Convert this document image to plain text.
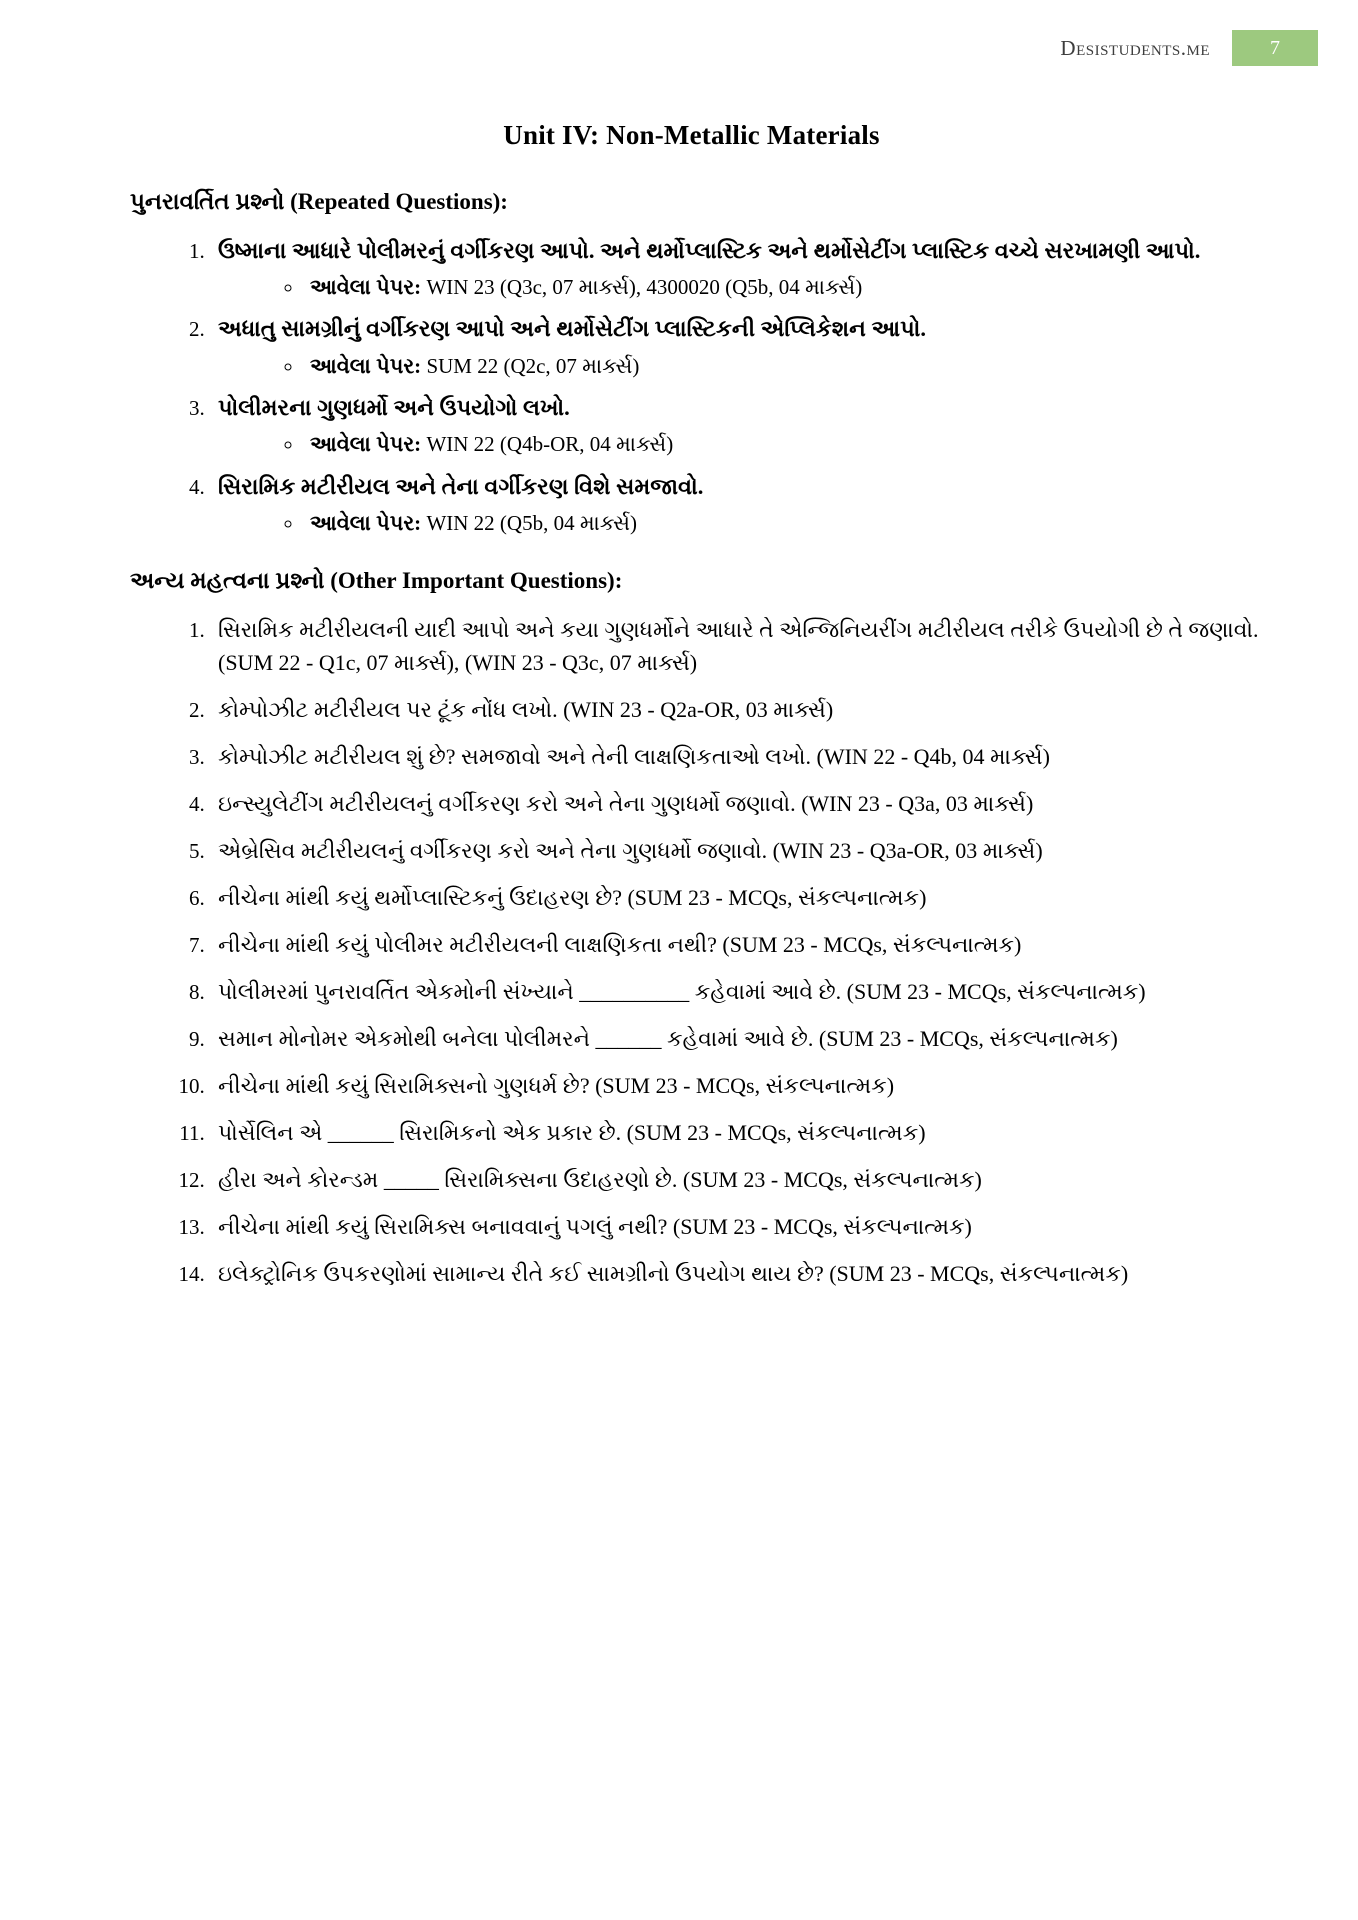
Desistudents.me	7
Unit IV: Non-Metallic Materials
પુનરાવર્તિત પ્રશ્નો (Repeated Questions):
1. ઉષ્માના આધારે પોલીમરનું વર્ગીકરણ આપો. અને થર્મોપ્લાસ્ટિક અને થર્મોસેટીંગ પ્લાસ્ટિક વચ્ચે સરખામણી આપો.
◦ આવેલા પેપર: WIN 23 (Q3c, 07 માર્ક્સ), 4300020 (Q5b, 04 માર્ક્સ)
2. અધાતુ સામગ્રીનું વર્ગીકરણ આપો અને થર્મોસેટીંગ પ્લાસ્ટિકની એપ્લિકેશન આપો.
◦ આવેલા પેપર: SUM 22 (Q2c, 07 માર્ક્સ)
3. પોલીમરના ગુણધર્મો અને ઉપયોગો લખો.
◦ આવેલા પેપર: WIN 22 (Q4b-OR, 04 માર્ક્સ)
4. સિરામિક મટીરીયલ અને તેના વર્ગીકરણ વિશે સમજાવો.
◦ આવેલા પેપર: WIN 22 (Q5b, 04 માર્ક્સ)
અન્ય મહત્વના પ્રશ્નો (Other Important Questions):
1. સિરામિક મટીરીયલની યાદી આપો અને કયા ગુણધર્મોને આધારે તે એન્જિનિયરીંગ મટીરીયલ તરીકે ઉપયોગી છે તે જણાવો. (SUM 22 - Q1c, 07 માર્ક્સ), (WIN 23 - Q3c, 07 માર્ક્સ)
2. કોમ્પોઝીટ મટીરીયલ પર ટૂંક નોંધ લખો. (WIN 23 - Q2a-OR, 03 માર્ક્સ)
3. કોમ્પોઝીટ મટીરીયલ શું છે? સમજાવો અને તેની લાક્ષણિકતાઓ લખો. (WIN 22 - Q4b, 04 માર્ક્સ)
4. ઇન્સ્યુલેટીંગ મટીરીયલનું વર્ગીકરણ કરો અને તેના ગુણધર્મો જણાવો. (WIN 23 - Q3a, 03 માર્ક્સ)
5. એબ્રેસિવ મટીરીયલનું વર્ગીકરણ કરો અને તેના ગુણધર્મો જણાવો. (WIN 23 - Q3a-OR, 03 માર્ક્સ)
6. નીચેના માંથી કયું થર્મોપ્લાસ્ટિકનું ઉદાહરણ છે? (SUM 23 - MCQs, સંકલ્પનાત્મક)
7. નીચેના માંથી કયું પોલીમર મટીરીયલની લાક્ષણિકતા નથી? (SUM 23 - MCQs, સંકલ્પનાત્મક)
8. પોલીમરમાં પુનરાવર્તિત એકમોની સંખ્યાને __________ કહેવામાં આવે છે. (SUM 23 - MCQs, સંકલ્પનાત્મક)
9. સમાન મોનોમર એકમોથી બનેલા પોલીમરને ______ કહેવામાં આવે છે. (SUM 23 - MCQs, સંકલ્પનાત્મક)
10. નીચેના માંથી કયું સિરામિક્સનો ગુણધર્મ છે? (SUM 23 - MCQs, સંકલ્પનાત્મક)
11. પોર્સેલિન એ ______ સિરામિકનો એક પ્રકાર છે. (SUM 23 - MCQs, સંકલ્પનાત્મક)
12. હીરા અને કોરન્ડમ _____ સિરામિક્સના ઉદાહરણો છે. (SUM 23 - MCQs, સંકલ્પનાત્મક)
13. નીચેના માંથી કયું સિરામિક્સ બનાવવાનું પગલું નથી? (SUM 23 - MCQs, સંકલ્પનાત્મક)
14. ઇલેક્ટ્રોનિક ઉપકરણોમાં સામાન્ય રીતે કઈ સામગ્રીનો ઉપયોગ થાય છે? (SUM 23 - MCQs, સંકલ્પનાત્મક)
